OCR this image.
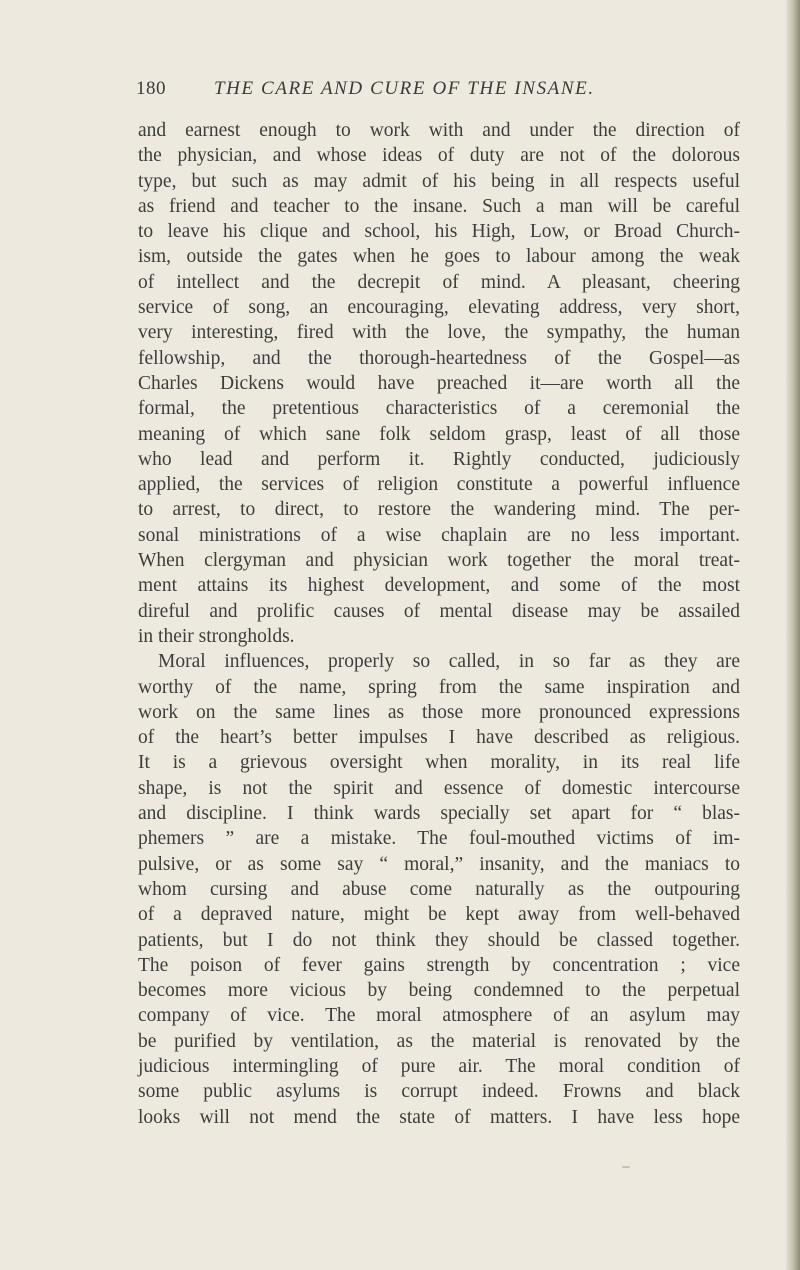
180	THE CARE AND CURE OF THE INSANE.
and earnest enough to work with and under the direction of
the physician, and whose ideas of duty are not of the dolorous
type, but such as may admit of his being in all respects useful
as friend and teacher to the insane. Such a man will be careful
to leave his clique and school, his High, Low, or Broad Church-
ism, outside the gates when he goes to labour among the weak
of intellect and the decrepit of mind. A pleasant, cheering
service of song, an encouraging, elevating address, very short,
very interesting, fired with the love, the sympathy, the human
fellowship, and the thorough-heartedness of the Gospel—as
Charles Dickens would have preached it—are worth all the
formal, the pretentious characteristics of a ceremonial the
meaning of which sane folk seldom grasp, least of all those
who lead and perform it. Rightly conducted, judiciously
applied, the services of religion constitute a powerful influence
to arrest, to direct, to restore the wandering mind. The per-
sonal ministrations of a wise chaplain are no less important.
When clergyman and physician work together the moral treat-
ment attains its highest development, and some of the most
direful and prolific causes of mental disease may be assailed
in their strongholds.
Moral influences, properly so called, in so far as they are
worthy of the name, spring from the same inspiration and
work on the same lines as those more pronounced expressions
of the heart’s better impulses I have described as religious.
It is a grievous oversight when morality, in its real life
shape, is not the spirit and essence of domestic intercourse
and discipline. I think wards specially set apart for “ blas-
phemers ” are a mistake. The foul-mouthed victims of im-
pulsive, or as some say “ moral,” insanity, and the maniacs to
whom cursing and abuse come naturally as the outpouring
of a depraved nature, might be kept away from well-behaved
patients, but I do not think they should be classed together.
The poison of fever gains strength by concentration ; vice
becomes more vicious by being condemned to the perpetual
company of vice. The moral atmosphere of an asylum may
be purified by ventilation, as the material is renovated by the
judicious intermingling of pure air. The moral condition of
some public asylums is corrupt indeed. Frowns and black
looks will not mend the state of matters. I have less hope
